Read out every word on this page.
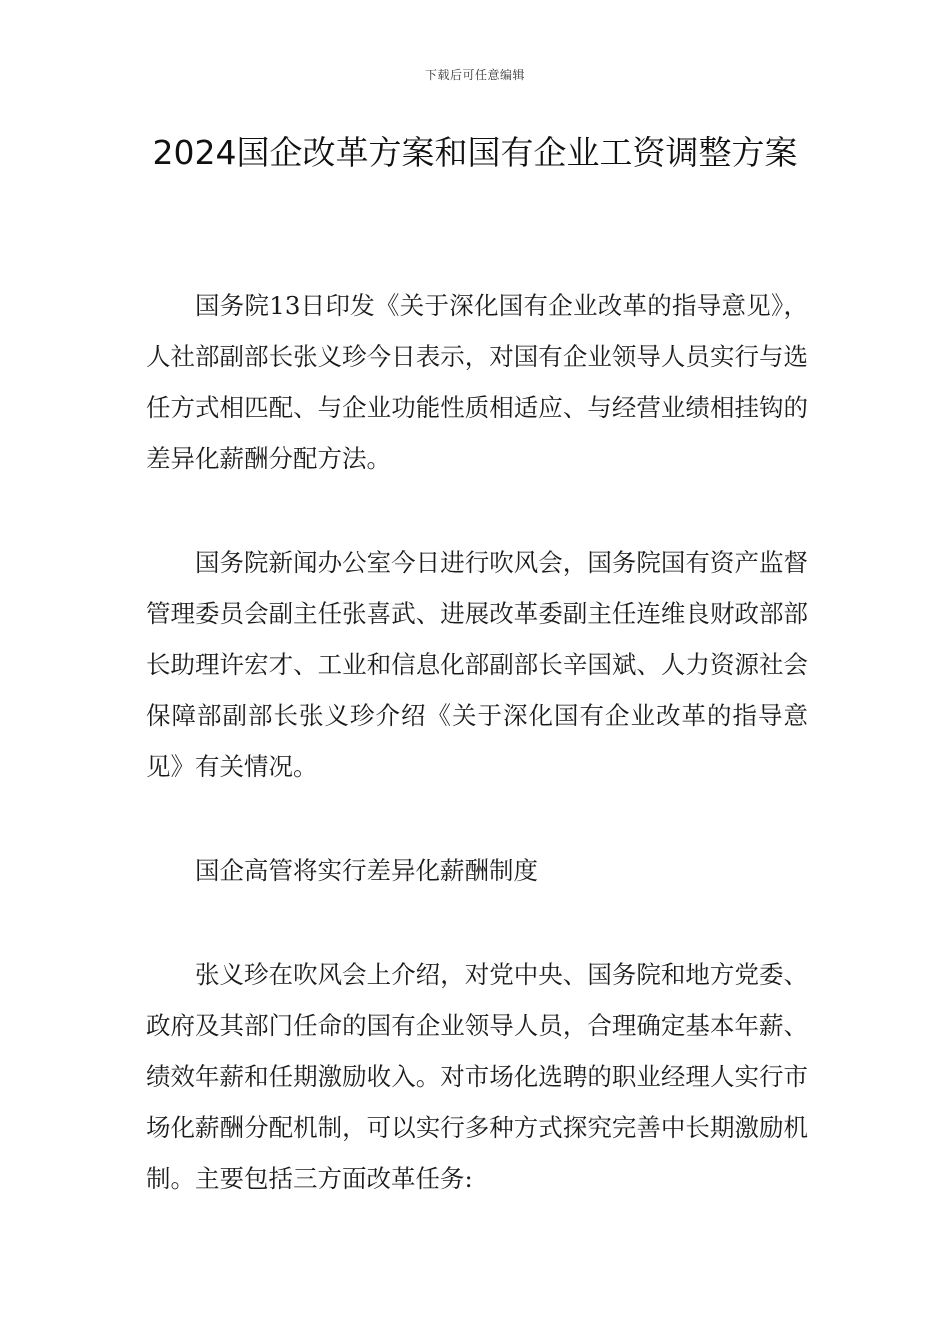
下载后可任意编辑
2024国企改革方案和国有企业工资调整方案

国务院13日印发《关于深化国有企业改革的指导意见》，人社部副部长张义珍今日表示，对国有企业领导人员实行与选任方式相匹配、与企业功能性质相适应、与经营业绩相挂钩的差异化薪酬分配方法。

国务院新闻办公室今日进行吹风会，国务院国有资产监督管理委员会副主任张喜武、进展改革委副主任连维良财政部部长助理许宏才、工业和信息化部副部长辛国斌、人力资源社会保障部副部长张义珍介绍《关于深化国有企业改革的指导意见》有关情况。

国企高管将实行差异化薪酬制度

张义珍在吹风会上介绍，对党中央、国务院和地方党委、政府及其部门任命的国有企业领导人员，合理确定基本年薪、绩效年薪和任期激励收入。对市场化选聘的职业经理人实行市场化薪酬分配机制，可以实行多种方式探究完善中长期激励机制。主要包括三方面改革任务:
